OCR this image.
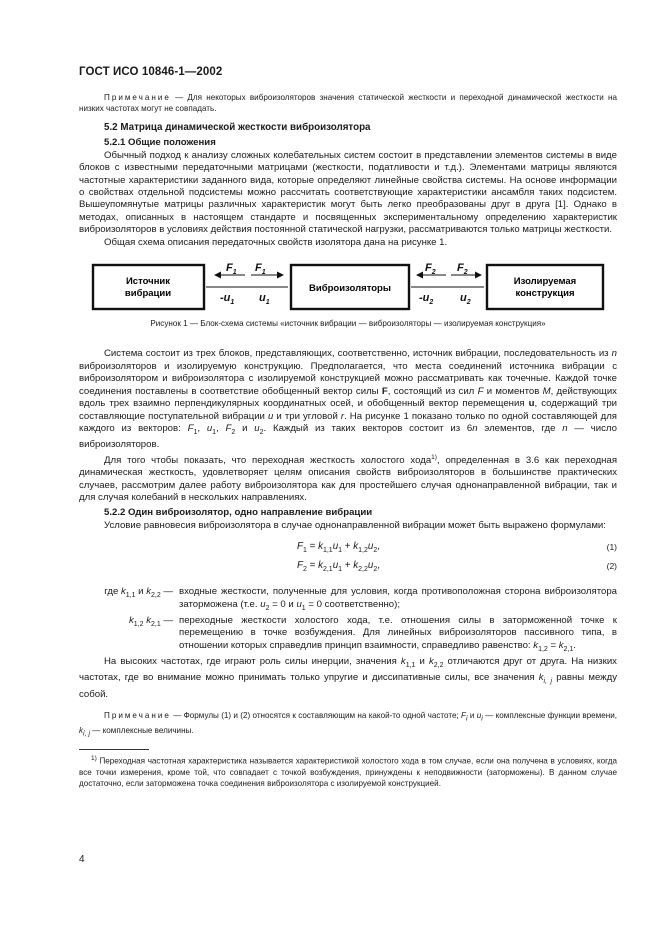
ГОСТ ИСО 10846-1—2002

Примечание — Для некоторых виброизоляторов значения статической жесткости и переходной динамической жесткости на низких частотах могут не совпадать.

5.2 Матрица динамической жесткости виброизолятора
5.2.1 Общие положения

Обычный подход к анализу сложных колебательных систем состоит в представлении элементов системы в виде блоков с известными передаточными матрицами (жесткости, податливости и т.д.). Элементами матрицы являются частотные характеристики заданного вида, которые определяют линейные свойства системы. На основе информации о свойствах отдельной подсистемы можно рассчитать соответствующие характеристики ансамбля таких подсистем. Вышеупомянутые матрицы различных характеристик могут быть легко преобразованы друг в друга [1]. Однако в методах, описанных в настоящем стандарте и посвященных экспериментальному определению характеристик виброизоляторов в условиях действия постоянной статической нагрузки, рассматриваются только матрицы жесткости.

Общая схема описания передаточных свойств изолятора дана на рисунке 1.

Источник
вибрации	Виброизоляторы
Изолируемая
конструкция
$F_1$ $F_1$
$-u_1$ $u_1$
$F_2$ $F_2$
$-u_2$ $u_2$
Рисунок 1 — Блок-схема системы «источник вибрации — виброизоляторы — изолируемая конструкция»

Система состоит из трех блоков, представляющих, соответственно, источник вибрации, последовательность из n виброизоляторов и изолируемую конструкцию. Предполагается, что места соединений источника вибрации с виброизолятором и виброизолятора с изолируемой конструкцией можно рассматривать как точечные. Каждой точке соединения поставлены в соответствие обобщенный вектор силы F, состоящий из сил F и моментов M, действующих вдоль трех взаимно перпендикулярных координатных осей, и обобщенный вектор перемещения u, содержащий три составляющие поступательной вибрации u и три угловой r. На рисунке 1 показано только по одной составляющей для каждого из векторов: $F_1$, $u_1$, $F_2$ и $u_2$. Каждый из таких векторов состоит из 6n элементов, где n — число виброизоляторов.

Для того чтобы показать, что переходная жесткость холостого хода$^{1)}$, определенная в 3.6 как переходная динамическая жесткость, удовлетворяет целям описания свойств виброизоляторов в большинстве практических случаев, рассмотрим далее работу виброизолятора как для простейшего случая однонаправленной вибрации, так и для случая колебаний в нескольких направлениях.

5.2.2 Один виброизолятор, одно направление вибрации

Условие равновесия виброизолятора в случае однонаправленной вибрации может быть выражено формулами:

$F_1 = k_{1,1}u_1 + k_{1,2}u_2$,	(1)
$F_2 = k_{2,1}u_1 + k_{2,2}u_2$,	(2)
где $k_{1,1}$ и $k_{2,2}$ — входные жесткости, полученные для условия, когда противоположная сторона виброизолятора заторможена (т.е. $u_2 = 0$ и $u_1 = 0$ соответственно);
$k_{1,2}$ $k_{2,1}$ — переходные жесткости холостого хода, т.е. отношения силы в заторможенной точке к перемещению в точке возбуждения. Для линейных виброизоляторов пассивного типа, в отношении которых справедлив принцип взаимности, справедливо равенство: $k_{1,2} = k_{2,1}$.

На высоких частотах, где играют роль силы инерции, значения $k_{1,1}$ и $k_{2,2}$ отличаются друг от друга. На низких частотах, где во внимание можно принимать только упругие и диссипативные силы, все значения $k_{i, j}$ равны между собой.

Примечание — Формулы (1) и (2) относятся к составляющим на какой-то одной частоте; $F_i$ и $u_i$ — комплексные функции времени, $k_{i, j}$ — комплексные величины.

$^{1)}$ Переходная частотная характеристика называется характеристикой холостого хода в том случае, если она получена в условиях, когда все точки измерения, кроме той, что совпадает с точкой возбуждения, принуждены к неподвижности (заторможены). В данном случае достаточно, если заторможена точка соединения виброизолятора с изолируемой конструкцией.

4
